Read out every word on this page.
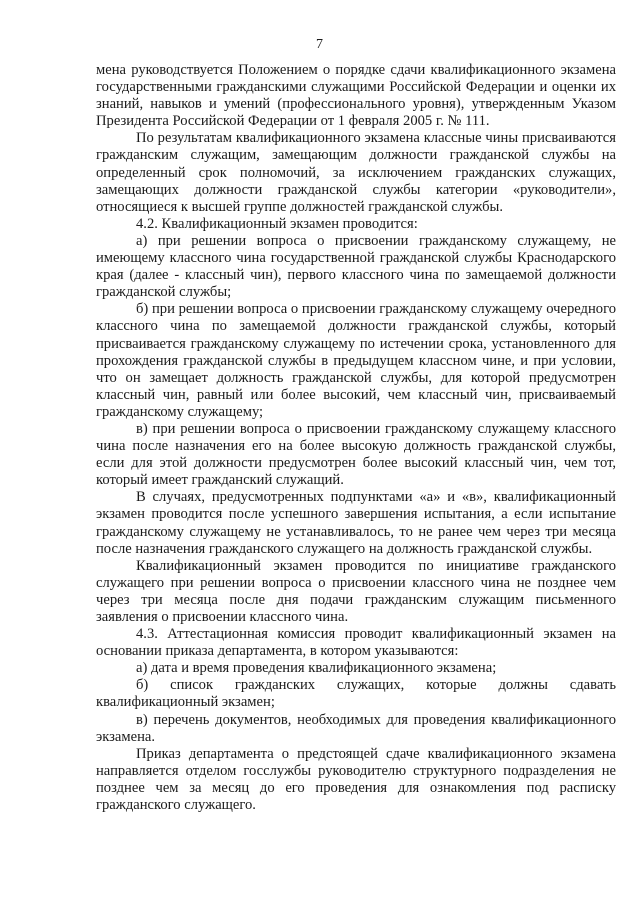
7

мена руководствуется Положением о порядке сдачи квалификационного экзамена государственными гражданскими служащими Российской Федерации и оценки их знаний, навыков и умений (профессионального уровня), утвержденным Указом Президента Российской Федерации от 1 февраля 2005 г. № 111.

По результатам квалификационного экзамена классные чины присваиваются гражданским служащим, замещающим должности гражданской службы на определенный срок полномочий, за исключением гражданских служащих, замещающих должности гражданской службы категории «руководители», относящиеся к высшей группе должностей гражданской службы.

4.2. Квалификационный экзамен проводится:

а) при решении вопроса о присвоении гражданскому служащему, не имеющему классного чина государственной гражданской службы Краснодарского края (далее - классный чин), первого классного чина по замещаемой должности гражданской службы;

б) при решении вопроса о присвоении гражданскому служащему очередного классного чина по замещаемой должности гражданской службы, который присваивается гражданскому служащему по истечении срока, установленного для прохождения гражданской службы в предыдущем классном чине, и при условии, что он замещает должность гражданской службы, для которой предусмотрен классный чин, равный или более высокий, чем классный чин, присваиваемый гражданскому служащему;

в) при решении вопроса о присвоении гражданскому служащему классного чина после назначения его на более высокую должность гражданской службы, если для этой должности предусмотрен более высокий классный чин, чем тот, который имеет гражданский служащий.

В случаях, предусмотренных подпунктами «а» и «в», квалификационный экзамен проводится после успешного завершения испытания, а если испытание гражданскому служащему не устанавливалось, то не ранее чем через три месяца после назначения гражданского служащего на должность гражданской службы.

Квалификационный экзамен проводится по инициативе гражданского служащего при решении вопроса о присвоении классного чина не позднее чем через три месяца после дня подачи гражданским служащим письменного заявления о присвоении классного чина.

4.3. Аттестационная комиссия проводит квалификационный экзамен на основании приказа департамента, в котором указываются:

а) дата и время проведения квалификационного экзамена;

б) список гражданских служащих, которые должны сдавать квалификационный экзамен;

в) перечень документов, необходимых для проведения квалификационного экзамена.

Приказ департамента о предстоящей сдаче квалификационного экзамена направляется отделом госслужбы руководителю структурного подразделения не позднее чем за месяц до его проведения для ознакомления под расписку гражданского служащего.
